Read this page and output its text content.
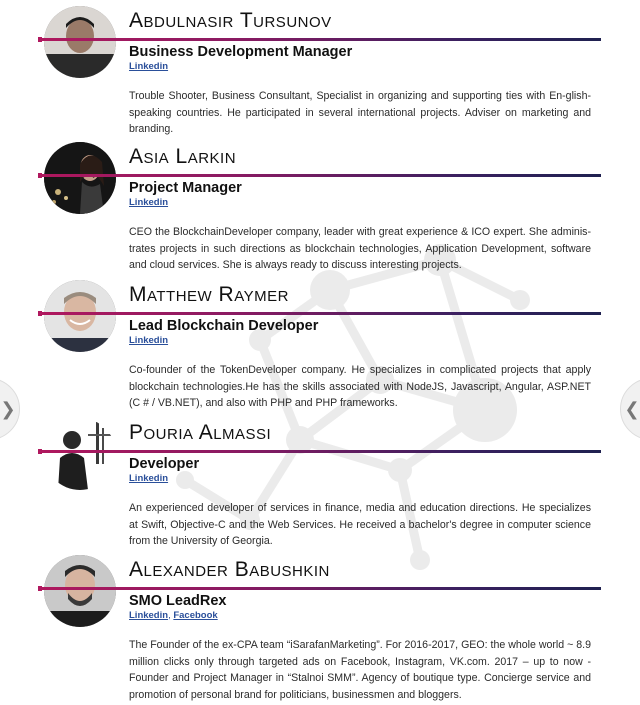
❯	❮
Abdulnasir Tursunov

Business Development Manager

Linkedin

Trouble Shooter, Business Consultant, Specialist in organizing and supporting ties with En-glish-speaking countries. He participated in several international projects. Adviser on marketing and branding.

Asia Larkin

Project Manager

Linkedin

CEO the BlockchainDeveloper company, leader with great experience & ICO expert. She adminis-trates projects in such directions as blockchain technologies, Application Development, software and cloud services. She is always ready to discuss interesting projects.

Matthew Raymer

Lead Blockchain Developer

Linkedin

Co-founder of the TokenDeveloper company. He specializes in complicated projects that apply blockchain technologies.He has the skills associated with NodeJS, Javascript, Angular, ASP.NET (C # / VB.NET), and also with PHP and PHP frameworks.

Pouria Almassi

Developer

Linkedin

An experienced developer of services in finance, media and education directions. He specializes at Swift, Objective-C and the Web Services. He received a bachelor's degree in computer science from the University of Georgia.

Alexander Babushkin

SMO LeadRex

Linkedin, Facebook

The Founder of the ex-CPA team “iSarafanMarketing”. For 2016-2017, GEO: the whole world ~ 8.9 million clicks only through targeted ads on Facebook, Instagram, VK.com. 2017 – up to now - Founder and Project Manager in “Stalnoi SMM”. Agency of boutique type. Concierge service and promotion of personal brand for politicians, businessmen and bloggers.
